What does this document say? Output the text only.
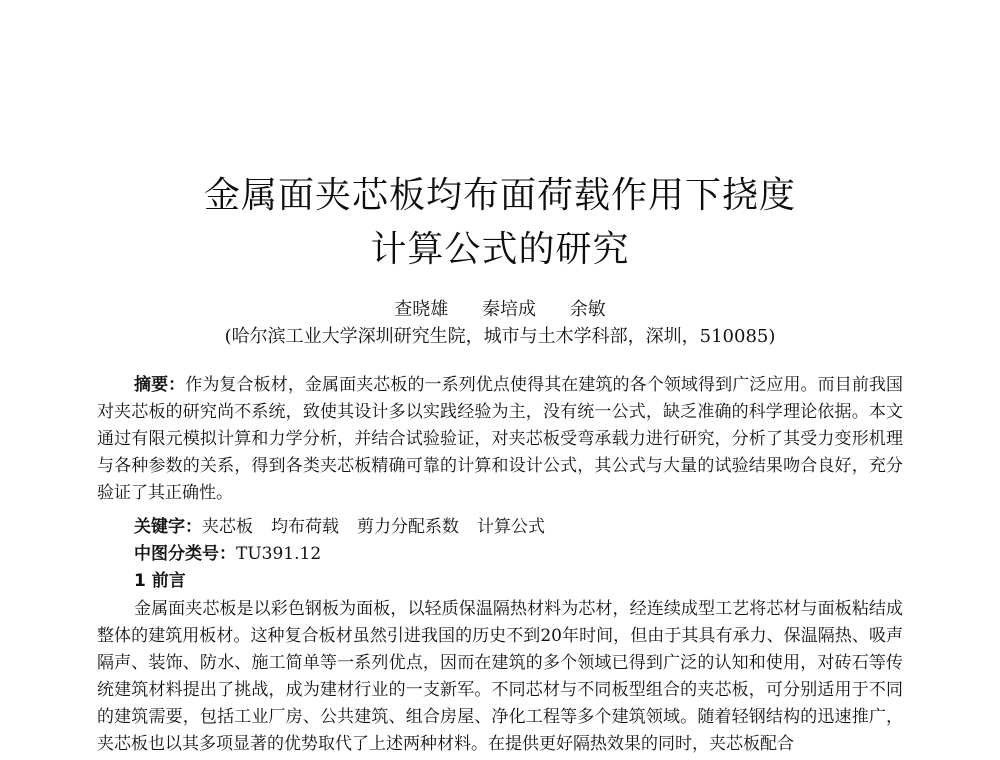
金属面夹芯板均布面荷载作用下挠度
计算公式的研究
查晓雄 秦培成 余敏
(哈尔滨工业大学深圳研究生院，城市与土木学科部，深圳，510085)

摘要：作为复合板材，金属面夹芯板的一系列优点使得其在建筑的各个领域得到广泛应用。而目前我国对夹芯板的研究尚不系统，致使其设计多以实践经验为主，没有统一公式，缺乏准确的科学理论依据。本文通过有限元模拟计算和力学分析，并结合试验验证，对夹芯板受弯承载力进行研究，分析了其受力变形机理与各种参数的关系，得到各类夹芯板精确可靠的计算和设计公式，其公式与大量的试验结果吻合良好，充分验证了其正确性。

关键字：夹芯板 均布荷载 剪力分配系数 计算公式
中图分类号：TU391.12
1 前言

金属面夹芯板是以彩色钢板为面板，以轻质保温隔热材料为芯材，经连续成型工艺将芯材与面板粘结成整体的建筑用板材。这种复合板材虽然引进我国的历史不到20年时间，但由于其具有承力、保温隔热、吸声隔声、装饰、防水、施工简单等一系列优点，因而在建筑的多个领域已得到广泛的认知和使用，对砖石等传统建筑材料提出了挑战，成为建材行业的一支新军。不同芯材与不同板型组合的夹芯板，可分别适用于不同的建筑需要，包括工业厂房、公共建筑、组合房屋、净化工程等多个建筑领域。随着轻钢结构的迅速推广，夹芯板也以其多项显著的优势取代了上述两种材料。在提供更好隔热效果的同时，夹芯板配合
